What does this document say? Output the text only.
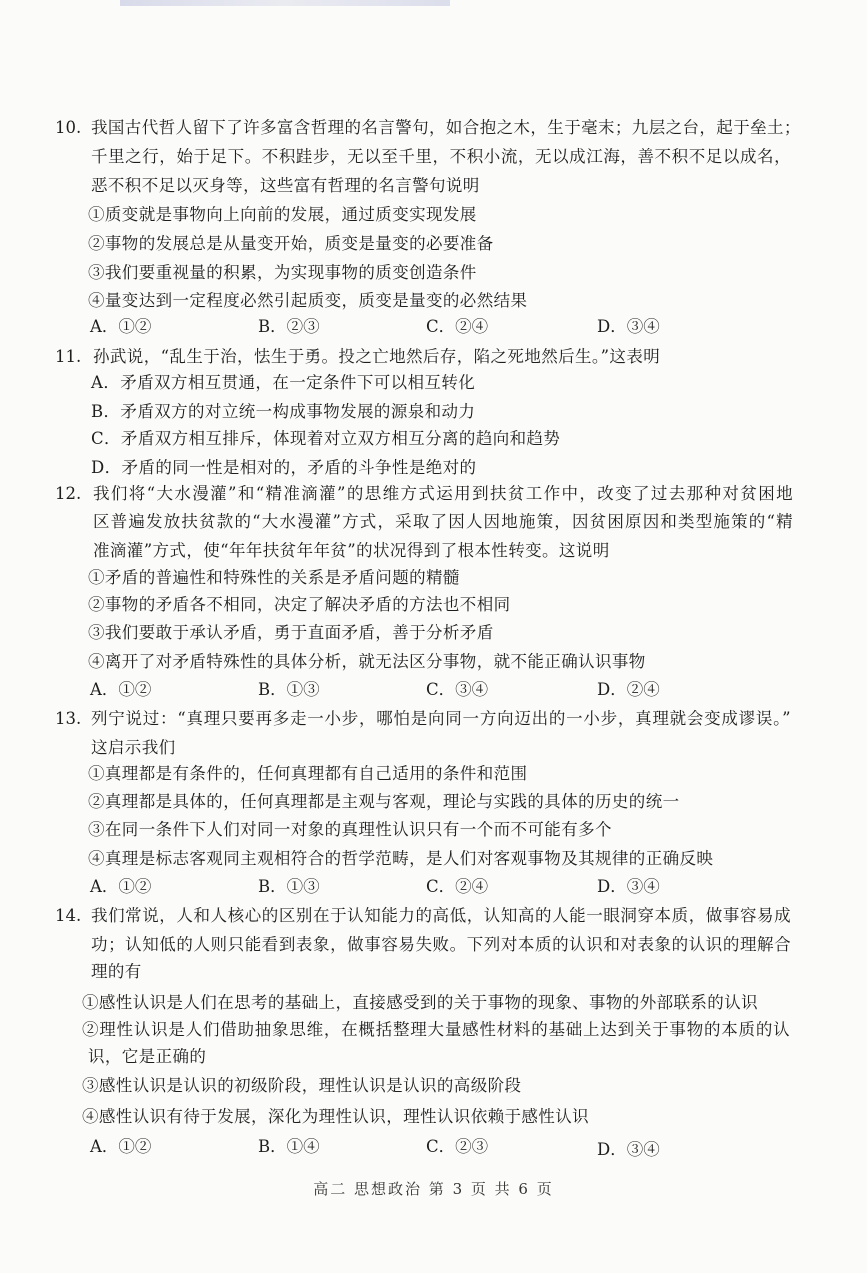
10. 我国古代哲人留下了许多富含哲理的名言警句，如合抱之木，生于毫末；九层之台，起于垒土；
千里之行，始于足下。不积跬步，无以至千里，不积小流，无以成江海，善不积不足以成名，
恶不积不足以灭身等，这些富有哲理的名言警句说明
①质变就是事物向上向前的发展，通过质变实现发展
②事物的发展总是从量变开始，质变是量变的必要准备
③我们要重视量的积累，为实现事物的质变创造条件
④量变达到一定程度必然引起质变，质变是量变的必然结果
A．①②	B．②③	C．②④	D．③④
11. 孙武说，“乱生于治，怯生于勇。投之亡地然后存，陷之死地然后生。”这表明
A．矛盾双方相互贯通，在一定条件下可以相互转化
B．矛盾双方的对立统一构成事物发展的源泉和动力
C．矛盾双方相互排斥，体现着对立双方相互分离的趋向和趋势
D．矛盾的同一性是相对的，矛盾的斗争性是绝对的
12. 我们将“大水漫灌”和“精准滴灌”的思维方式运用到扶贫工作中，改变了过去那种对贫困地
区普遍发放扶贫款的“大水漫灌”方式，采取了因人因地施策，因贫困原因和类型施策的“精
准滴灌”方式，使“年年扶贫年年贫”的状况得到了根本性转变。这说明
①矛盾的普遍性和特殊性的关系是矛盾问题的精髓
②事物的矛盾各不相同，决定了解决矛盾的方法也不相同
③我们要敢于承认矛盾，勇于直面矛盾，善于分析矛盾
④离开了对矛盾特殊性的具体分析，就无法区分事物，就不能正确认识事物
A．①②	B．①③	C．③④	D．②④
13. 列宁说过：“真理只要再多走一小步，哪怕是向同一方向迈出的一小步，真理就会变成谬误。”
这启示我们
①真理都是有条件的，任何真理都有自己适用的条件和范围
②真理都是具体的，任何真理都是主观与客观，理论与实践的具体的历史的统一
③在同一条件下人们对同一对象的真理性认识只有一个而不可能有多个
④真理是标志客观同主观相符合的哲学范畴，是人们对客观事物及其规律的正确反映
A．①②	B．①③	C．②④	D．③④
14. 我们常说，人和人核心的区别在于认知能力的高低，认知高的人能一眼洞穿本质，做事容易成
功；认知低的人则只能看到表象，做事容易失败。下列对本质的认识和对表象的认识的理解合
理的有
①感性认识是人们在思考的基础上，直接感受到的关于事物的现象、事物的外部联系的认识
②理性认识是人们借助抽象思维，在概括整理大量感性材料的基础上达到关于事物的本质的认
识，它是正确的
③感性认识是认识的初级阶段，理性认识是认识的高级阶段
④感性认识有待于发展，深化为理性认识，理性认识依赖于感性认识
A．①②	B．①④	C．②③	D．③④
高二 思想政治 第 3 页 共 6 页
